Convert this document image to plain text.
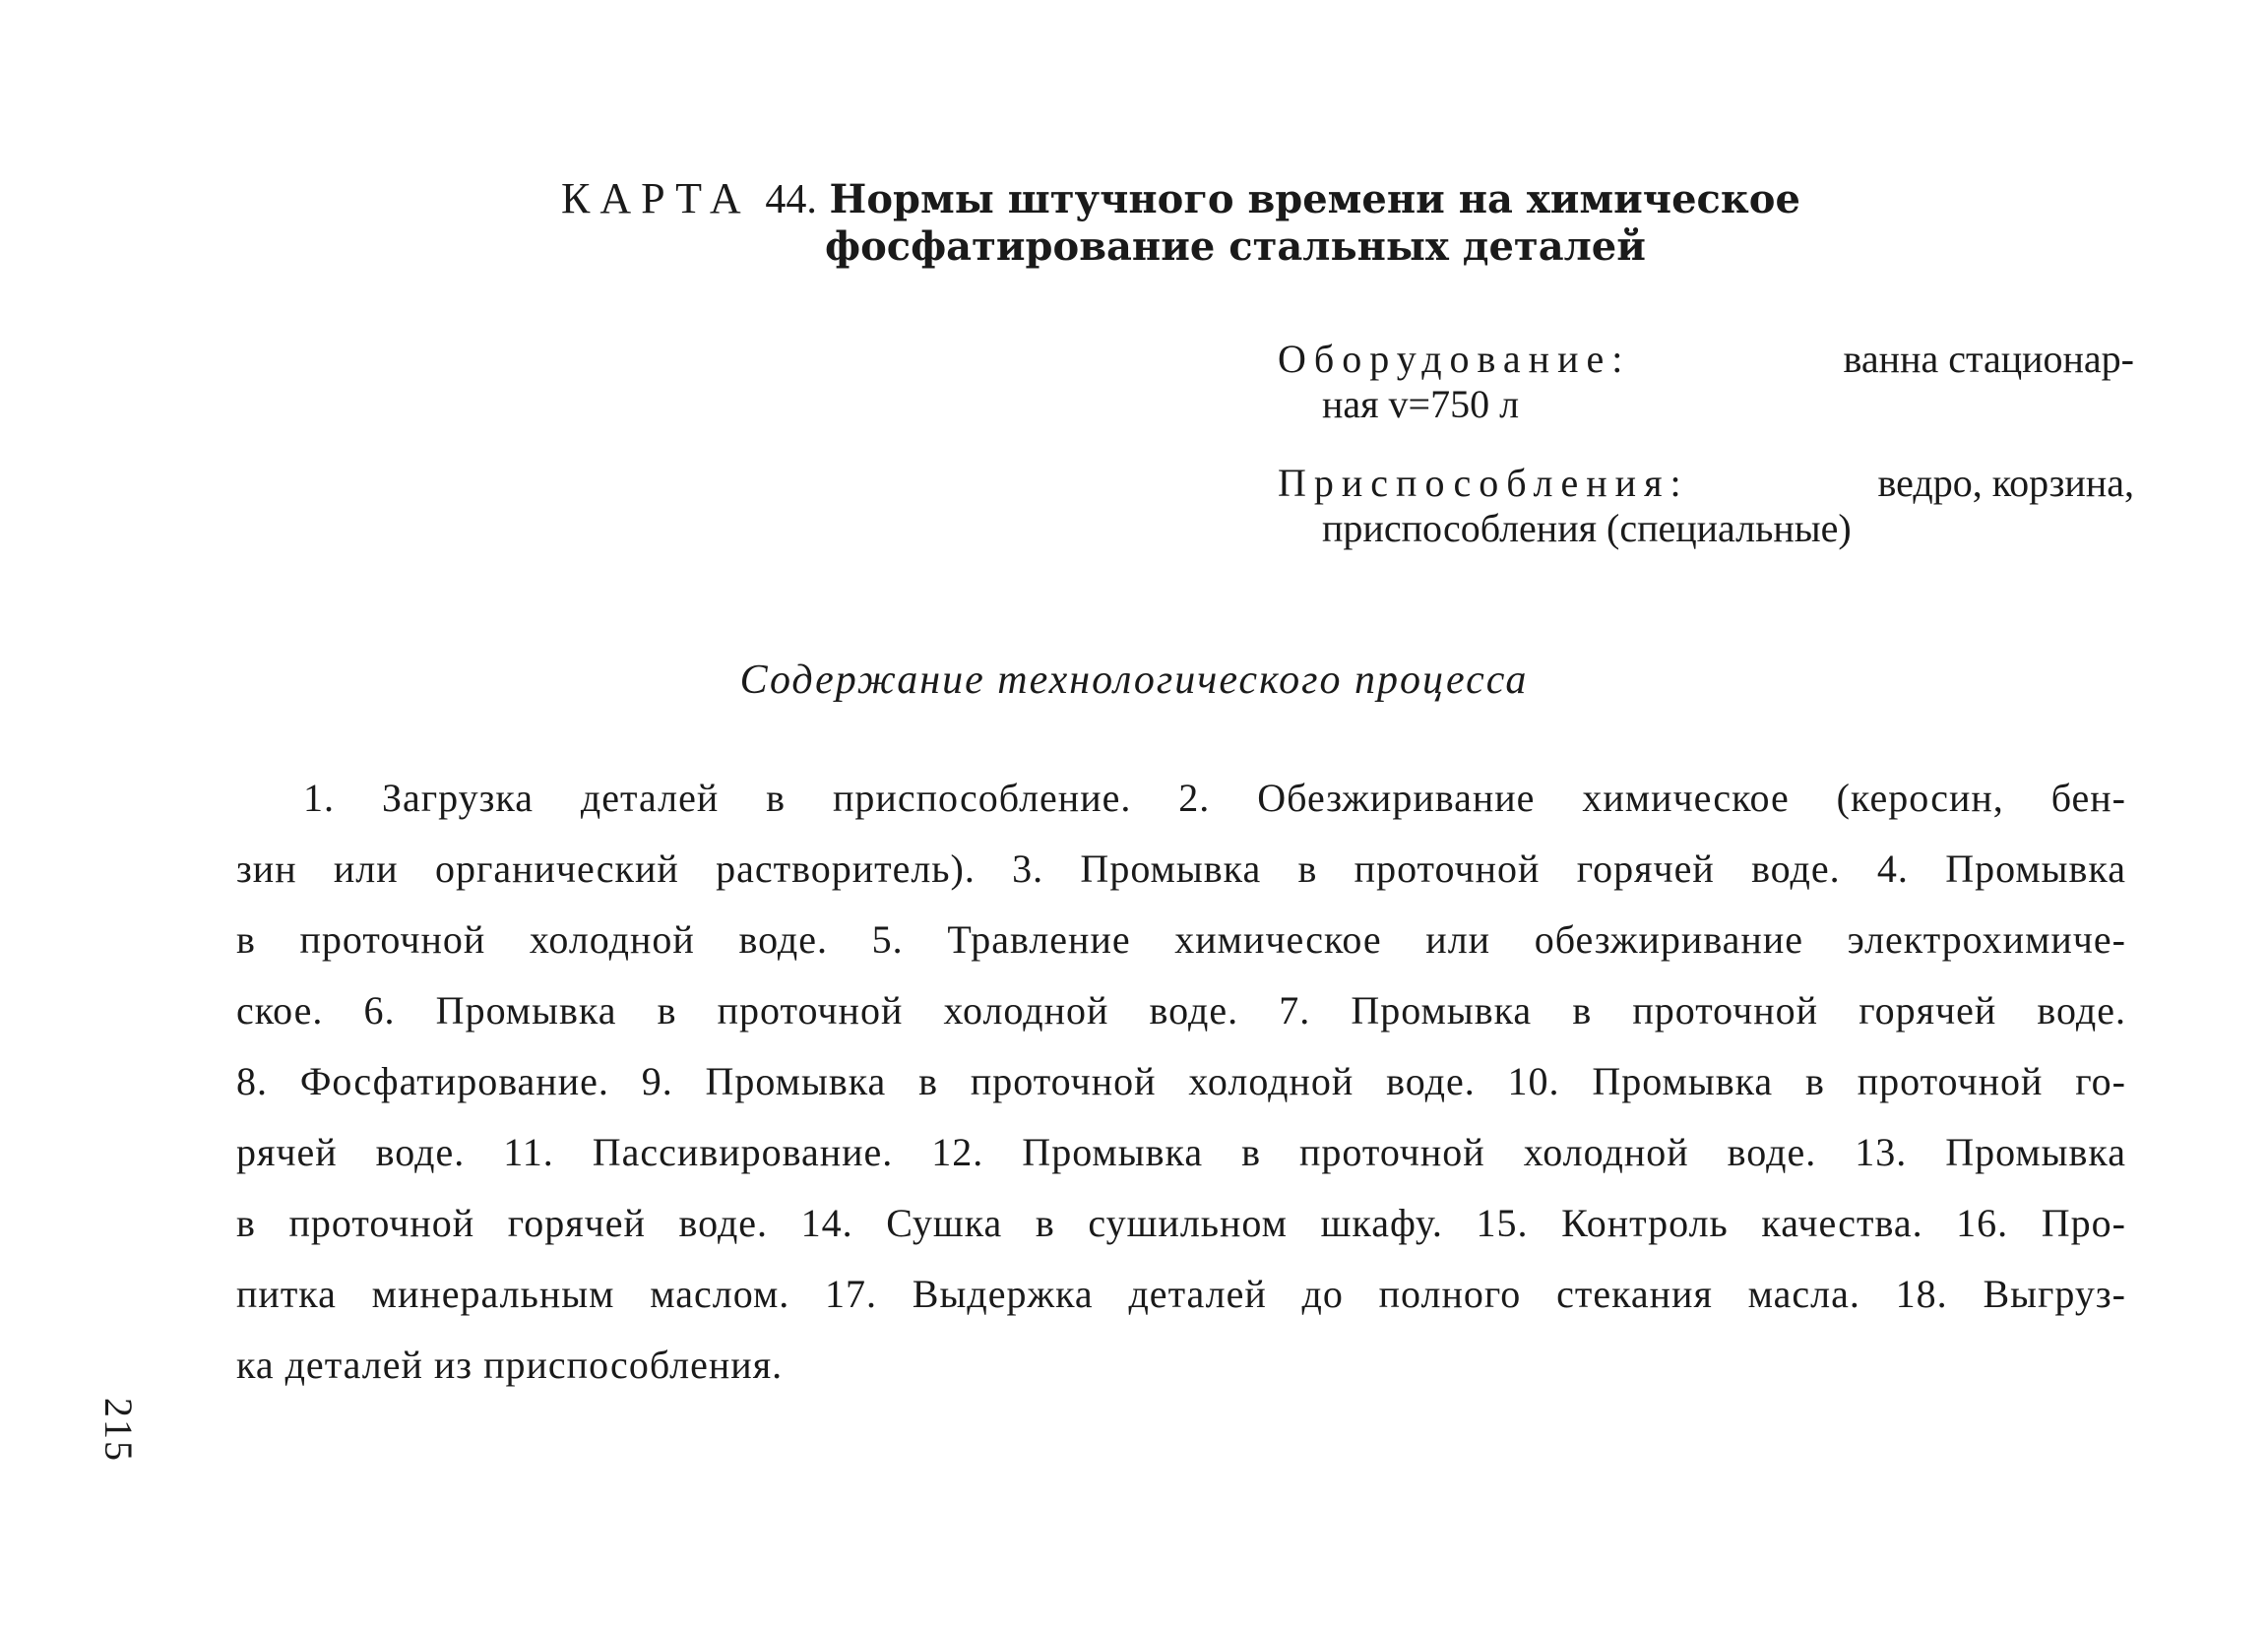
КАРТА 44. Нормы штучного времени на химическое
фосфатирование стальных деталей
Оборудование:	ванна стационар-
ная v=750 л
Приспособления:	ведро, корзина,
приспособления (специальные)
Содержание технологического процесса
1. Загрузка деталей в приспособление. 2. Обезжиривание химическое (керосин, бен-
зин или органический растворитель). 3. Промывка в проточной горячей воде. 4. Промывка
в проточной холодной воде. 5. Травление химическое или обезжиривание электрохимиче-
ское. 6. Промывка в проточной холодной воде. 7. Промывка в проточной горячей воде.
8. Фосфатирование. 9. Промывка в проточной холодной воде. 10. Промывка в проточной го-
рячей воде. 11. Пассивирование. 12. Промывка в проточной холодной воде. 13. Промывка
в проточной горячей воде. 14. Сушка в сушильном шкафу. 15. Контроль качества. 16. Про-
питка минеральным маслом. 17. Выдержка деталей до полного стекания масла. 18. Выгруз-
ка деталей из приспособления.
215
